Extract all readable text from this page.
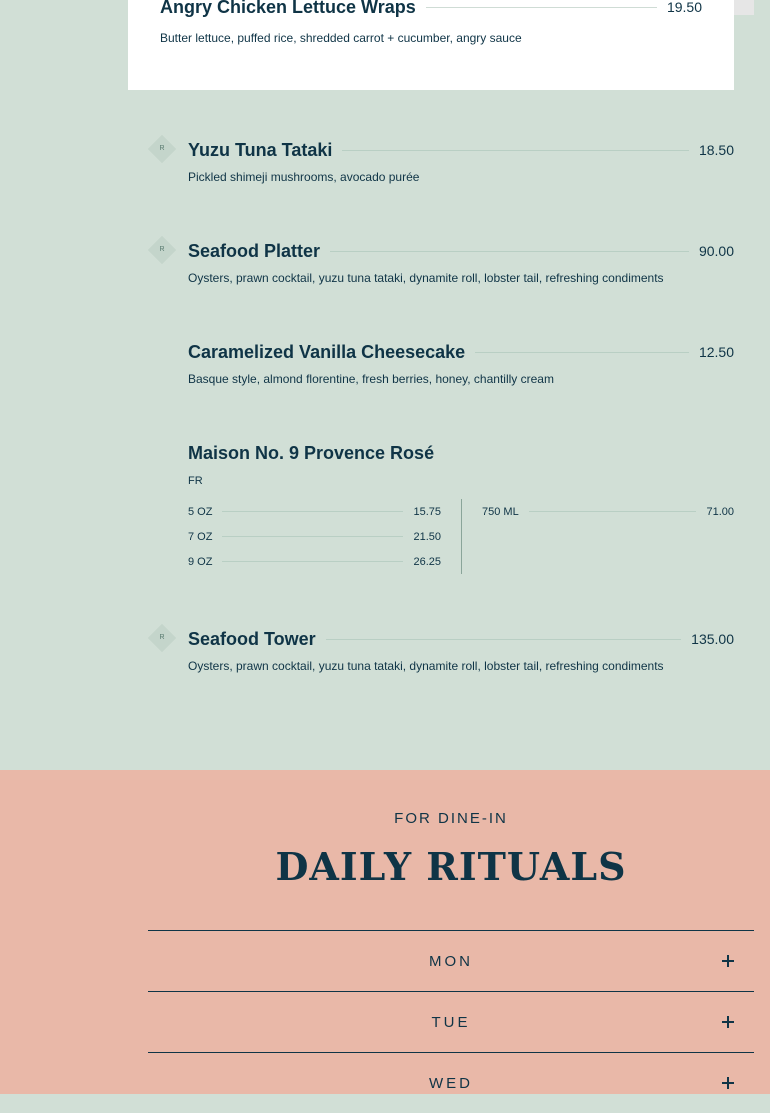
Angry Chicken Lettuce Wraps	19.50
Butter lettuce, puffed rice, shredded carrot + cucumber, angry sauce
R	Yuzu Tuna Tataki	18.50
Pickled shimeji mushrooms, avocado purée
R	Seafood Platter	90.00
Oysters, prawn cocktail, yuzu tuna tataki, dynamite roll, lobster tail, refreshing condiments
Caramelized Vanilla Cheesecake	12.50
Basque style, almond florentine, fresh berries, honey, chantilly cream
Maison No. 9 Provence Rosé
FR
5 OZ	15.75
7 OZ	21.50
9 OZ	26.25
750 ML	71.00
R	Seafood Tower	135.00
Oysters, prawn cocktail, yuzu tuna tataki, dynamite roll, lobster tail, refreshing condiments
FOR DINE-IN
DAILY RITUALS
MON
TUE
WED
